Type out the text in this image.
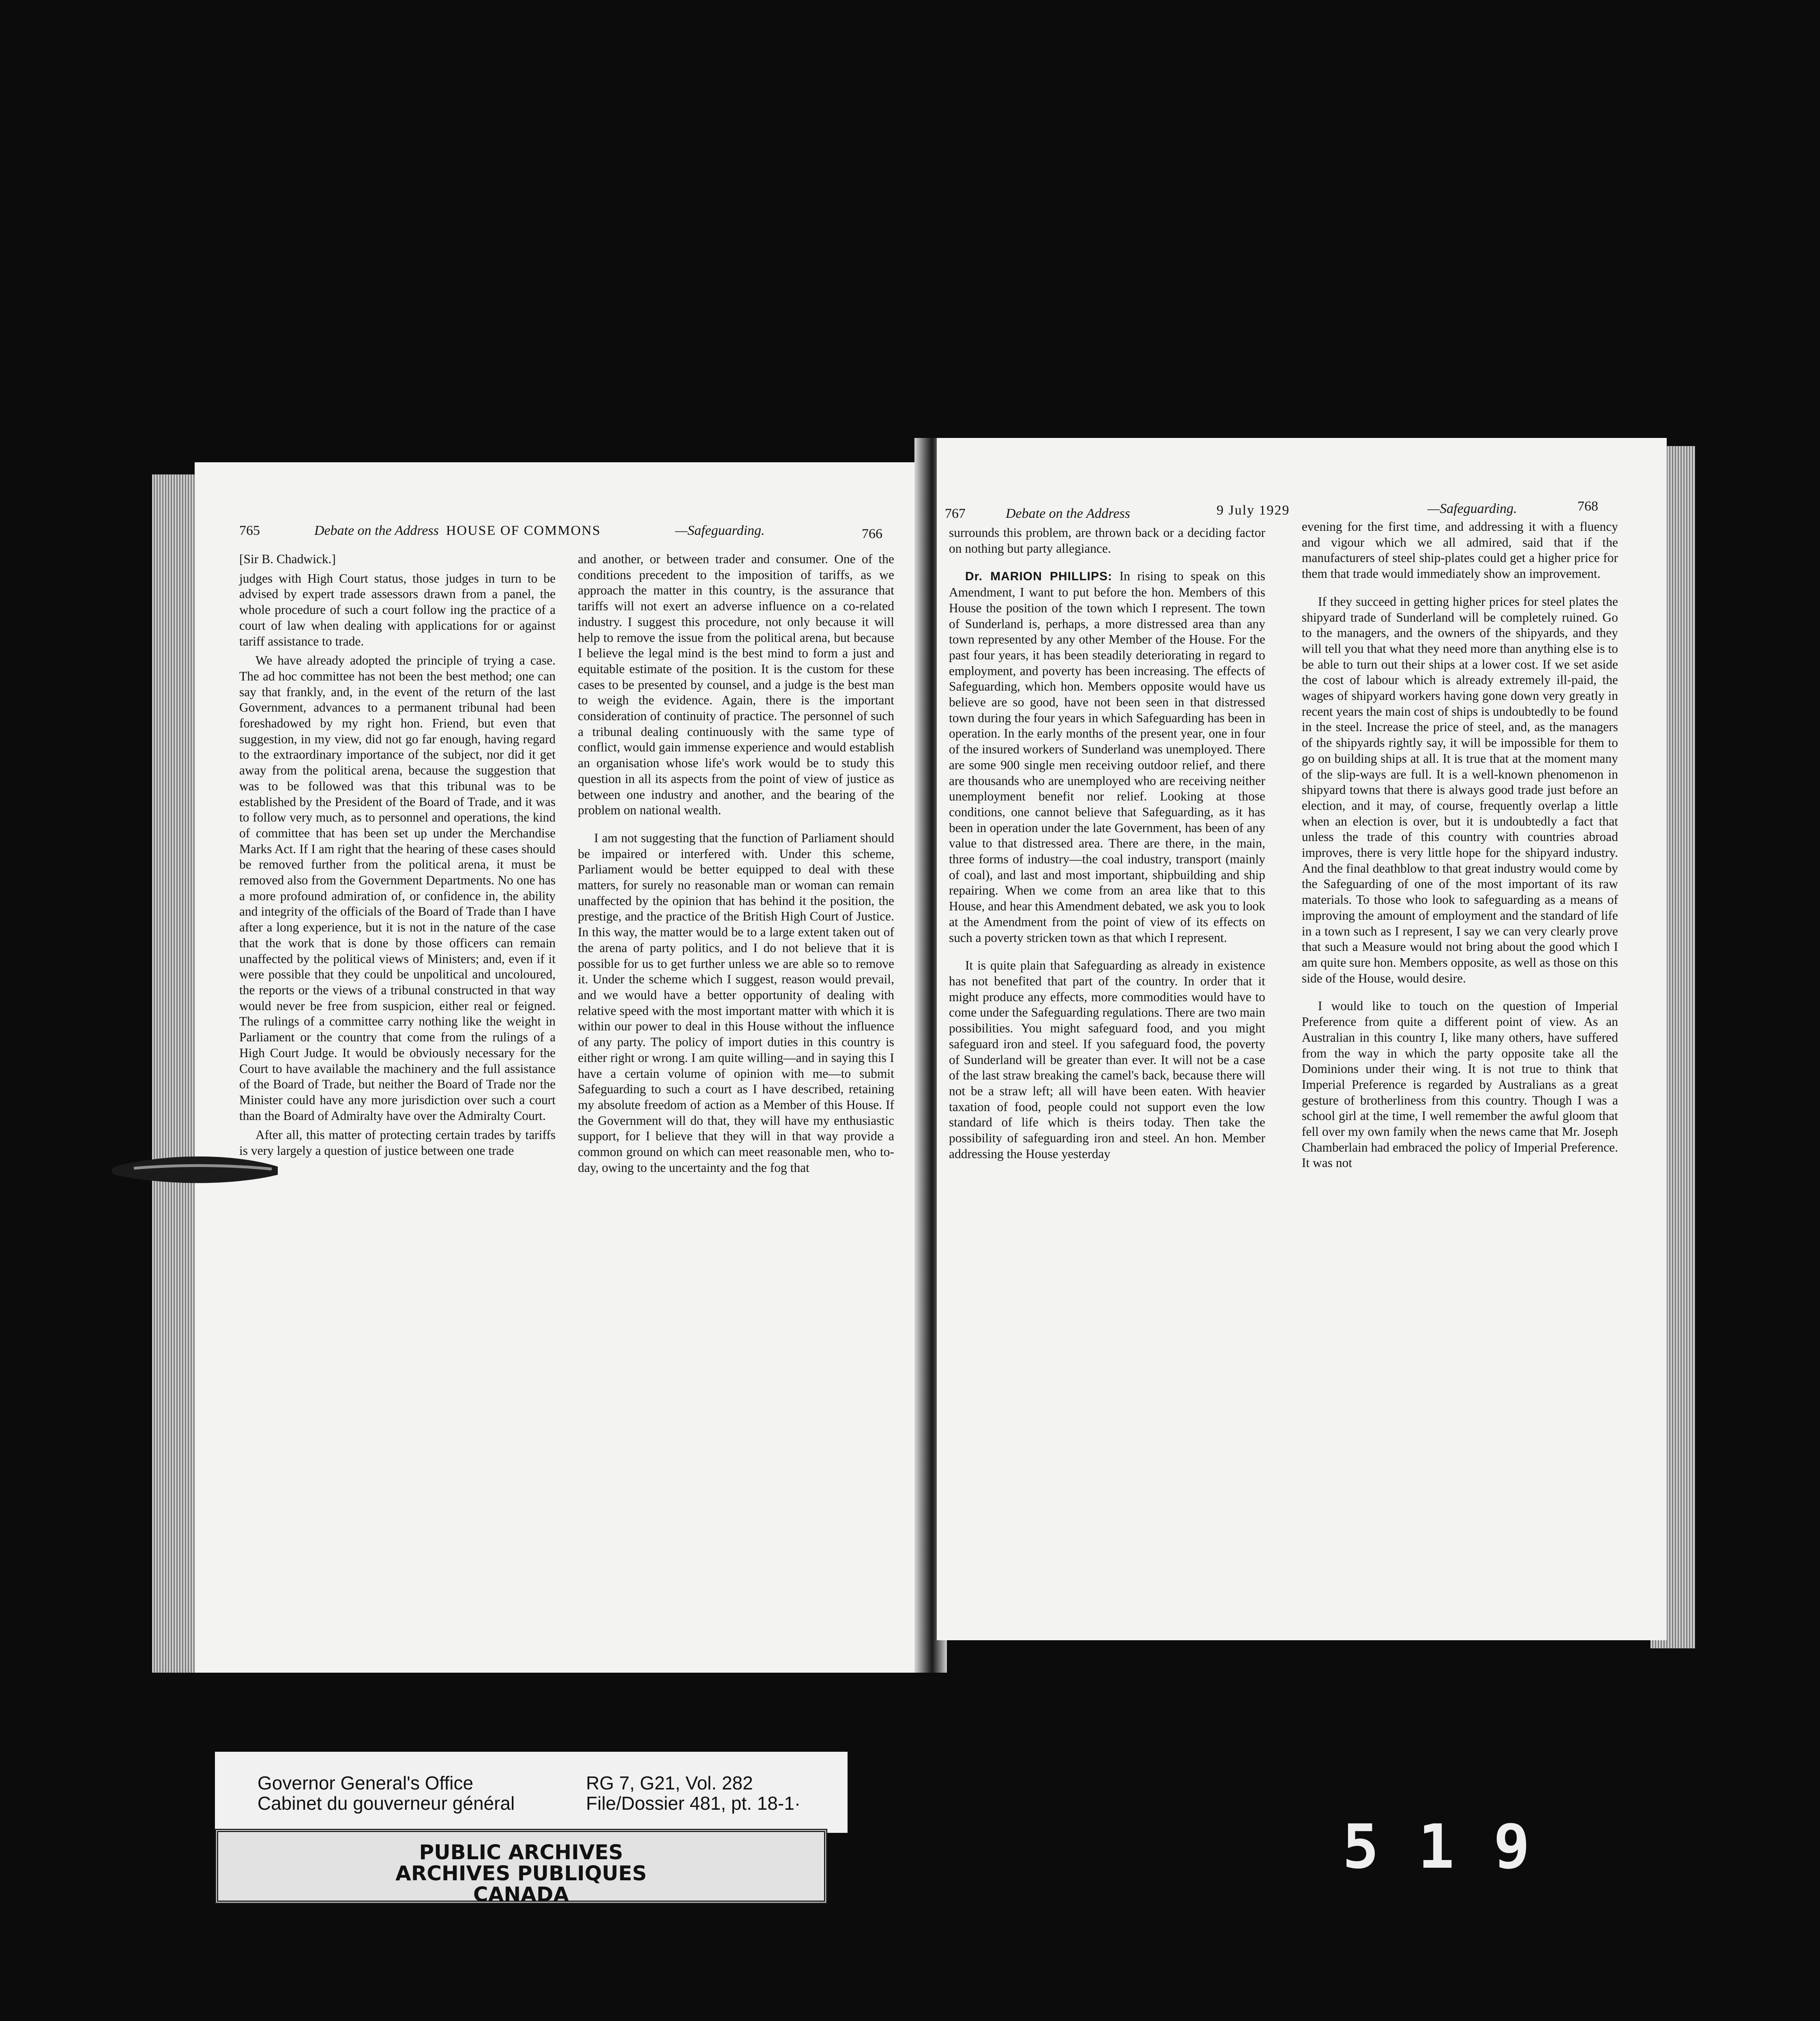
765	Debate on the Address HOUSE OF COMMONS	—Safeguarding.	766

[Sir B. Chadwick.]

judges with High Court status, those judges in turn to be advised by expert trade assessors drawn from a panel, the whole procedure of such a court follow ing the practice of a court of law when dealing with applications for or against tariff assistance to trade.

We have already adopted the principle of trying a case. The ad hoc committee has not been the best method; one can say that frankly, and, in the event of the return of the last Government, advances to a permanent tribunal had been foreshadowed by my right hon. Friend, but even that suggestion, in my view, did not go far enough, having regard to the extraordinary importance of the subject, nor did it get away from the political arena, because the suggestion that was to be followed was that this tribunal was to be established by the President of the Board of Trade, and it was to follow very much, as to personnel and operations, the kind of committee that has been set up under the Merchandise Marks Act. If I am right that the hearing of these cases should be removed further from the political arena, it must be removed also from the Government Departments. No one has a more profound admiration of, or confidence in, the ability and integrity of the officials of the Board of Trade than I have after a long experience, but it is not in the nature of the case that the work that is done by those officers can remain unaffected by the political views of Ministers; and, even if it were possible that they could be unpolitical and uncoloured, the reports or the views of a tribunal constructed in that way would never be free from suspicion, either real or feigned. The rulings of a committee carry nothing like the weight in Parliament or the country that come from the rulings of a High Court Judge. It would be obviously necessary for the Court to have available the machinery and the full assistance of the Board of Trade, but neither the Board of Trade nor the Minister could have any more jurisdiction over such a court than the Board of Admiralty have over the Admiralty Court.

After all, this matter of protecting certain trades by tariffs is very largely a question of justice between one trade

and another, or between trader and consumer. One of the conditions precedent to the imposition of tariffs, as we approach the matter in this country, is the assurance that tariffs will not exert an adverse influence on a co-related industry. I suggest this procedure, not only because it will help to remove the issue from the political arena, but because I believe the legal mind is the best mind to form a just and equitable estimate of the position. It is the custom for these cases to be presented by counsel, and a judge is the best man to weigh the evidence. Again, there is the important consideration of continuity of practice. The personnel of such a tribunal dealing continuously with the same type of conflict, would gain immense experience and would establish an organisation whose life's work would be to study this question in all its aspects from the point of view of justice as between one industry and another, and the bearing of the problem on national wealth.

I am not suggesting that the function of Parliament should be impaired or interfered with. Under this scheme, Parliament would be better equipped to deal with these matters, for surely no reasonable man or woman can remain unaffected by the opinion that has behind it the position, the prestige, and the practice of the British High Court of Justice. In this way, the matter would be to a large extent taken out of the arena of party politics, and I do not believe that it is possible for us to get further unless we are able so to remove it. Under the scheme which I suggest, reason would prevail, and we would have a better opportunity of dealing with relative speed with the most important matter with which it is within our power to deal in this House without the influence of any party. The policy of import duties in this country is either right or wrong. I am quite willing—and in saying this I have a certain volume of opinion with me—to submit Safeguarding to such a court as I have described, retaining my absolute freedom of action as a Member of this House. If the Government will do that, they will have my enthusiastic support, for I believe that they will in that way provide a common ground on which can meet reasonable men, who to-day, owing to the uncertainty and the fog that

767	Debate on the Address	9 July 1929	—Safeguarding.	768

surrounds this problem, are thrown back or a deciding factor on nothing but party allegiance.

Dr. MARION PHILLIPS: In rising to speak on this Amendment, I want to put before the hon. Members of this House the position of the town which I represent. The town of Sunderland is, perhaps, a more distressed area than any town represented by any other Member of the House. For the past four years, it has been steadily deteriorating in regard to employment, and poverty has been increasing. The effects of Safeguarding, which hon. Members opposite would have us believe are so good, have not been seen in that distressed town during the four years in which Safeguarding has been in operation. In the early months of the present year, one in four of the insured workers of Sunderland was unemployed. There are some 900 single men receiving outdoor relief, and there are thousands who are unemployed who are receiving neither unemployment benefit nor relief. Looking at those conditions, one cannot believe that Safeguarding, as it has been in operation under the late Government, has been of any value to that distressed area. There are there, in the main, three forms of industry—the coal industry, transport (mainly of coal), and last and most important, shipbuilding and ship repairing. When we come from an area like that to this House, and hear this Amendment debated, we ask you to look at the Amendment from the point of view of its effects on such a poverty stricken town as that which I represent.

It is quite plain that Safeguarding as already in existence has not benefited that part of the country. In order that it might produce any effects, more commodities would have to come under the Safeguarding regulations. There are two main possibilities. You might safeguard food, and you might safeguard iron and steel. If you safeguard food, the poverty of Sunderland will be greater than ever. It will not be a case of the last straw breaking the camel's back, because there will not be a straw left; all will have been eaten. With heavier taxation of food, people could not support even the low standard of life which is theirs today. Then take the possibility of safeguarding iron and steel. An hon. Member addressing the House yesterday

evening for the first time, and addressing it with a fluency and vigour which we all admired, said that if the manufacturers of steel ship-plates could get a higher price for them that trade would immediately show an improvement.

If they succeed in getting higher prices for steel plates the shipyard trade of Sunderland will be completely ruined. Go to the managers, and the owners of the shipyards, and they will tell you that what they need more than anything else is to be able to turn out their ships at a lower cost. If we set aside the cost of labour which is already extremely ill-paid, the wages of shipyard workers having gone down very greatly in recent years the main cost of ships is undoubtedly to be found in the steel. Increase the price of steel, and, as the managers of the shipyards rightly say, it will be impossible for them to go on building ships at all. It is true that at the moment many of the slip-ways are full. It is a well-known phenomenon in shipyard towns that there is always good trade just before an election, and it may, of course, frequently overlap a little when an election is over, but it is undoubtedly a fact that unless the trade of this country with countries abroad improves, there is very little hope for the shipyard industry. And the final deathblow to that great industry would come by the Safeguarding of one of the most important of its raw materials. To those who look to safeguarding as a means of improving the amount of employment and the standard of life in a town such as I represent, I say we can very clearly prove that such a Measure would not bring about the good which I am quite sure hon. Members opposite, as well as those on this side of the House, would desire.

I would like to touch on the question of Imperial Preference from quite a different point of view. As an Australian in this country I, like many others, have suffered from the way in which the party opposite take all the Dominions under their wing. It is not true to think that Imperial Preference is regarded by Australians as a great gesture of brotherliness from this country. Though I was a school girl at the time, I well remember the awful gloom that fell over my own family when the news came that Mr. Joseph Chamberlain had embraced the policy of Imperial Preference. It was not

Governor General's Office
Cabinet du gouverneur général
RG 7, G21, Vol. 282
File/Dossier 481, pt. 18-1·
PUBLIC ARCHIVES
ARCHIVES PUBLIQUES
CANADA
519
